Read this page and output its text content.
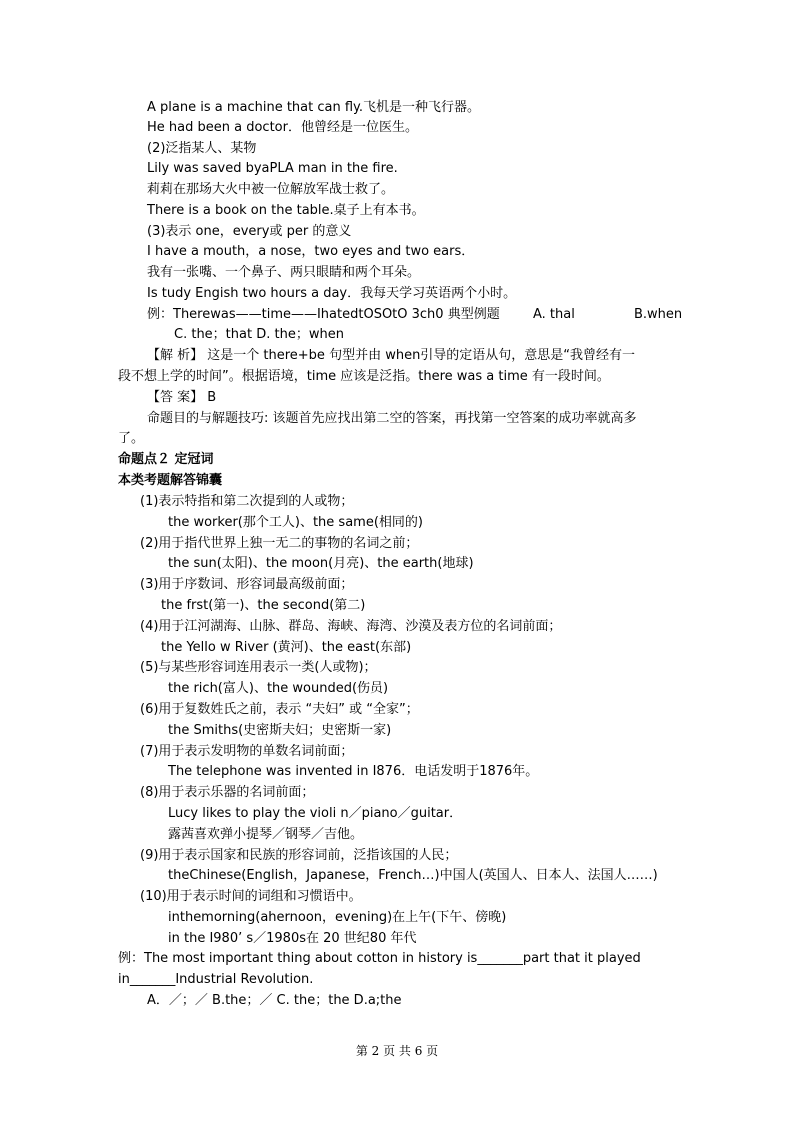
A plane is a machine that can fly.飞机是一种飞行器。
He had been a doctor．他曾经是一位医生。
(2)泛指某人、某物
Lily was saved byaPLA man in the fire.
莉莉在那场大火中被一位解放军战士救了。
There is a book on the table.桌子上有本书。
(3)表示 one，every或 per 的意义
I have a mouth，a nose，two eyes and two ears．
我有一张嘴、一个鼻子、两只眼睛和两个耳朵。
Is tudy Engish two hours a day．我每天学习英语两个小时。
例：Therewas——time——IhatedtOSOtO 3ch0 典型例题	A. thal	B.when
C. the；that D. the；when
【解 析】 这是一个 there+be 句型并由 when引导的定语从句，意思是“我曾经有一
段不想上学的时间”。根据语境，time 应该是泛指。there was a time 有一段时间。
【答 案】 B
命题目的与解题技巧: 该题首先应找出第二空的答案，再找第一空答案的成功率就高多
了。
命题点２ 定冠词
本类考题解答锦囊
(1)表示特指和第二次提到的人或物；
the worker(那个工人)、the same(相同的)
(2)用于指代世界上独一无二的事物的名词之前；
the sun(太阳)、the moon(月亮)、the earth(地球)
(3)用于序数词、形容词最高级前面；
the frst(第一)、the second(第二)
(4)用于江河湖海、山脉、群岛、海峡、海湾、沙漠及表方位的名词前面；
the Yello w River (黄河)、the east(东部)
(5)与某些形容词连用表示一类(人或物)；
the rich(富人)、the wounded(伤员)
(6)用于复数姓氏之前，表示 “夫妇” 或 “全家”；
the Smiths(史密斯夫妇；史密斯一家)
(7)用于表示发明物的单数名词前面；
The telephone was invented in I876．电话发明于1876年。
(8)用于表示乐器的名词前面；
Lucy likes to play the violi n／piano／guitar．
露茜喜欢弹小提琴／钢琴／吉他。
(9)用于表示国家和民族的形容词前，泛指该国的人民；
theChinese(English，Japanese，French…)中国人(英国人、日本人、法国人……)
(10)用于表示时间的词组和习惯语中。
inthemorning(ahernoon，evening)在上午(下午、傍晚)
in the I980’ s／1980s在 20 世纪80 年代
例：The most important thing about cotton in history is_______part that it played
in_______Industrial Revolution.
A．／；／ B.the；／ C. the；the D.a;the
第 2 页 共 6 页
